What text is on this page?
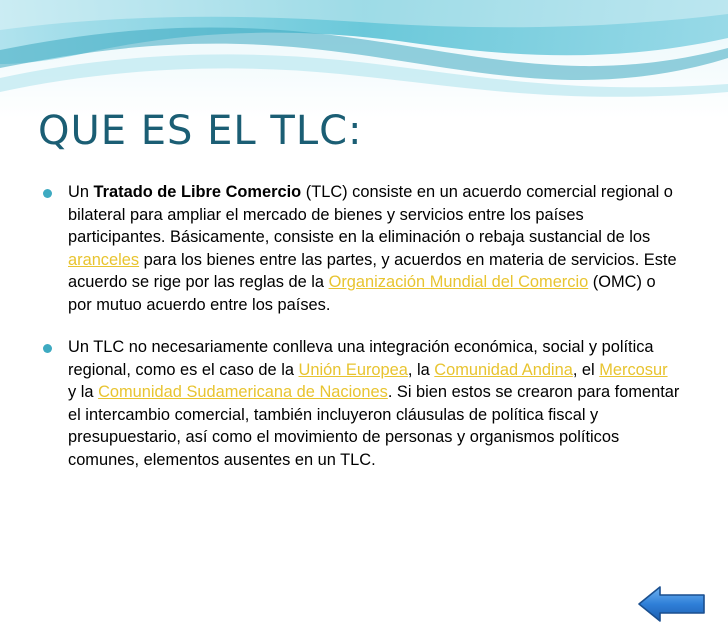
QUE ES EL TLC:
Un Tratado de Libre Comercio (TLC) consiste en un acuerdo comercial regional o bilateral para ampliar el mercado de bienes y servicios entre los países participantes. Básicamente, consiste en la eliminación o rebaja sustancial de los aranceles para los bienes entre las partes, y acuerdos en materia de servicios. Este acuerdo se rige por las reglas de la Organización Mundial del Comercio (OMC) o por mutuo acuerdo entre los países.
Un TLC no necesariamente conlleva una integración económica, social y política regional, como es el caso de la Unión Europea, la Comunidad Andina, el Mercosur y la Comunidad Sudamericana de Naciones. Si bien estos se crearon para fomentar el intercambio comercial, también incluyeron cláusulas de política fiscal y presupuestario, así como el movimiento de personas y organismos políticos comunes, elementos ausentes en un TLC.
